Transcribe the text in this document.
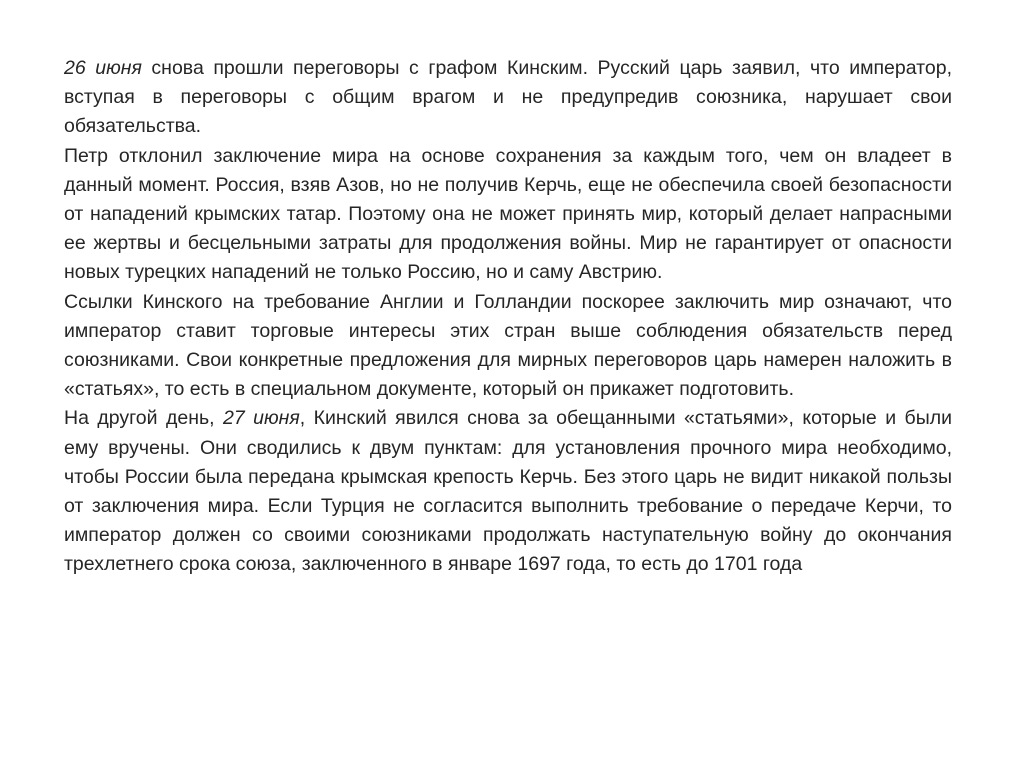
26 июня снова прошли переговоры с графом Кинским. Русский царь заявил, что император, вступая в переговоры с общим врагом и не предупредив союзника, нарушает свои обязательства.

Петр отклонил заключение мира на основе сохранения за каждым того, чем он владеет в данный момент. Россия, взяв Азов, но не получив Керчь, еще не обеспечила своей безопасности от нападений крымских татар. Поэтому она не может принять мир, который делает напрасными ее жертвы и бесцельными затраты для продолжения войны. Мир не гарантирует от опасности новых турецких нападений не только Россию, но и саму Австрию.

Ссылки Кинского на требование Англии и Голландии поскорее заключить мир означают, что император ставит торговые интересы этих стран выше соблюдения обязательств перед союзниками. Свои конкретные предложения для мирных переговоров царь намерен наложить в «статьях», то есть в специальном документе, который он прикажет подготовить.

На другой день, 27 июня, Кинский явился снова за обещанными «статьями», которые и были ему вручены. Они сводились к двум пунктам: для установления прочного мира необходимо, чтобы России была передана крымская крепость Керчь. Без этого царь не видит никакой пользы от заключения мира. Если Турция не согласится выполнить требование о передаче Керчи, то император должен со своими союзниками продолжать наступательную войну до окончания трехлетнего срока союза, заключенного в январе 1697 года, то есть до 1701 года
